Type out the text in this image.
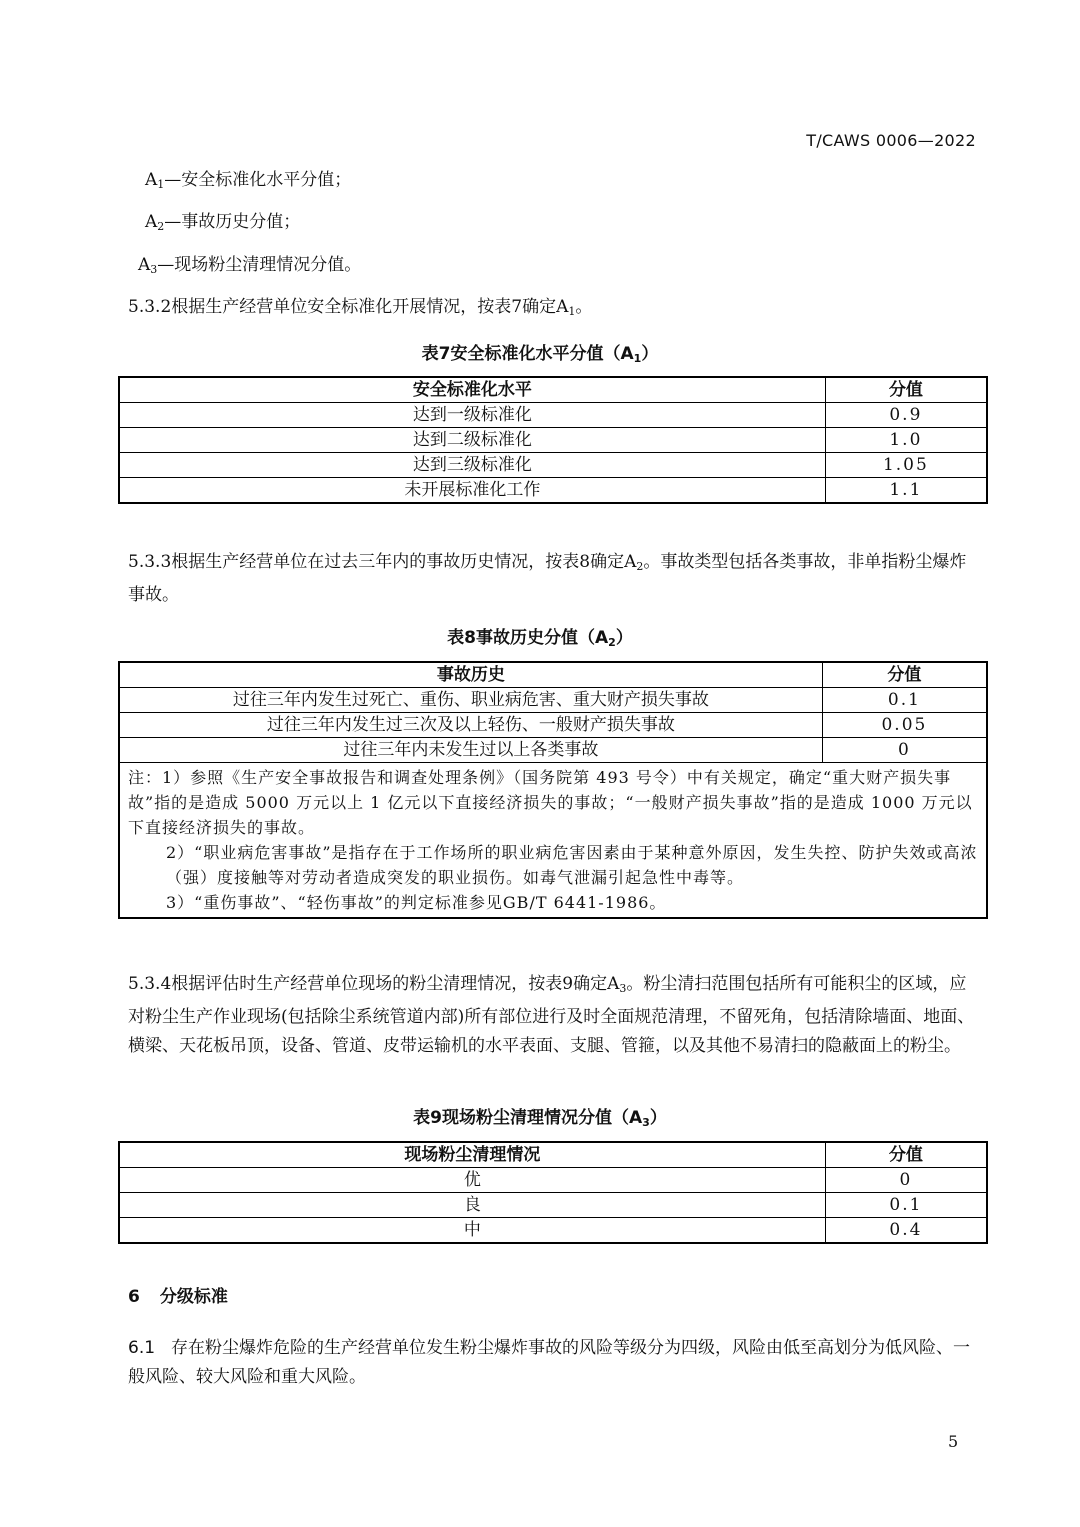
T/CAWS 0006—2022
$A_1—$安全标准化水平分值；
$A_2—$事故历史分值；
$A_3—$现场粉尘清理情况分值。
5.3.2根据生产经营单位安全标准化开展情况，按表7确定$A_1$。
表7安全标准化水平分值$(A_1)$
安全标准化水平	分值
达到一级标准化	0.9
达到二级标准化	1.0
达到三级标准化	1.05
未开展标准化工作	1.1
5.3.3根据生产经营单位在过去三年内的事故历史情况，按表8确定$A_2$。事故类型包括各类事故，非单指粉尘爆炸事故。
表8事故历史分值$(A_2)$
事故历史	分值
过往三年内发生过死亡、重伤、职业病危害、重大财产损失事故	0.1
过往三年内发生过三次及以上轻伤、一般财产损失事故	0.05
过往三年内未发生过以上各类事故	0

注：1）参照《生产安全事故报告和调查处理条例》（国务院第 493 号令）中有关规定，确定“重大财产损失事故”指的是造成 5000 万元以上 1 亿元以下直接经济损失的事故；“一般财产损失事故”指的是造成 1000 万元以下直接经济损失的事故。
2）“职业病危害事故”是指存在于工作场所的职业病危害因素由于某种意外原因，发生失控、防护失效或高浓（强）度接触等对劳动者造成突发的职业损伤。如毒气泄漏引起急性中毒等。
3）“重伤事故”、“轻伤事故”的判定标准参见GB/T 6441-1986。	
5.3.4根据评估时生产经营单位现场的粉尘清理情况，按表9确定$A_3$。粉尘清扫范围包括所有可能积尘的区域，应对粉尘生产作业现场(包括除尘系统管道内部)所有部位进行及时全面规范清理，不留死角，包括清除墙面、地面、横梁、天花板吊顶，设备、管道、皮带运输机的水平表面、支腿、管箍，以及其他不易清扫的隐蔽面上的粉尘。
表9现场粉尘清理情况分值$(A_3)$
现场粉尘清理情况	分值
优	0
良	0.1
中	0.4
6 分级标准
6.1 存在粉尘爆炸危险的生产经营单位发生粉尘爆炸事故的风险等级分为四级，风险由低至高划分为低风险、一般风险、较大风险和重大风险。
5
